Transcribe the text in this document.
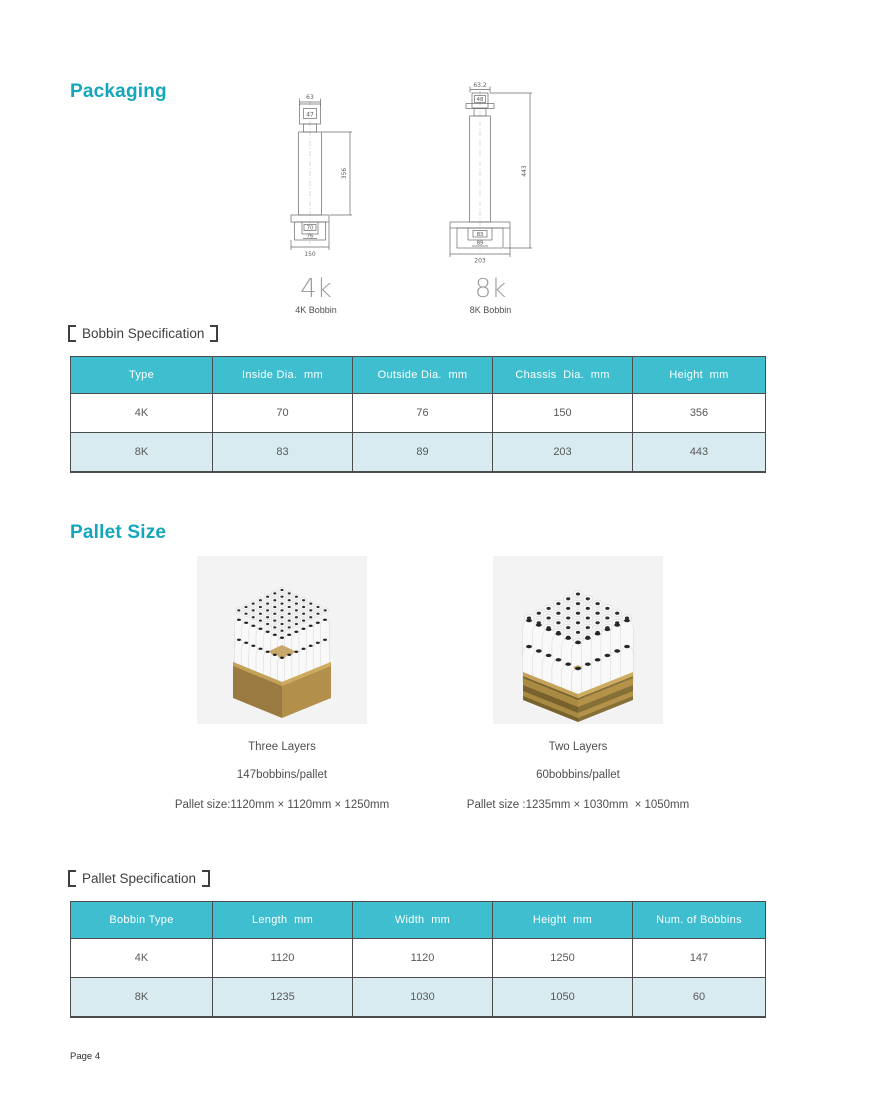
Packaging	63
47
70
76
150
356
63.2
48
83
89
203
443
4k
4K Bobbin
8k
8K Bobbin
Bobbin Specification
Type	Inside Dia.  mm	Outside Dia.  mm	Chassis  Dia.  mm	Height  mm
4K	70	76	150	356
8K	83	89	203	443
Pallet Size
Three Layers
147bobbins/pallet
Pallet size:1120mm × 1120mm × 1250mm
Two Layers
60bobbins/pallet
Pallet size :1235mm × 1030mm  × 1050mm
Pallet Specification
Bobbin Type	Length  mm	Width  mm	Height  mm	Num. of Bobbins
4K	1120	1120	1250	147
8K	1235	1030	1050	60
Page 4
